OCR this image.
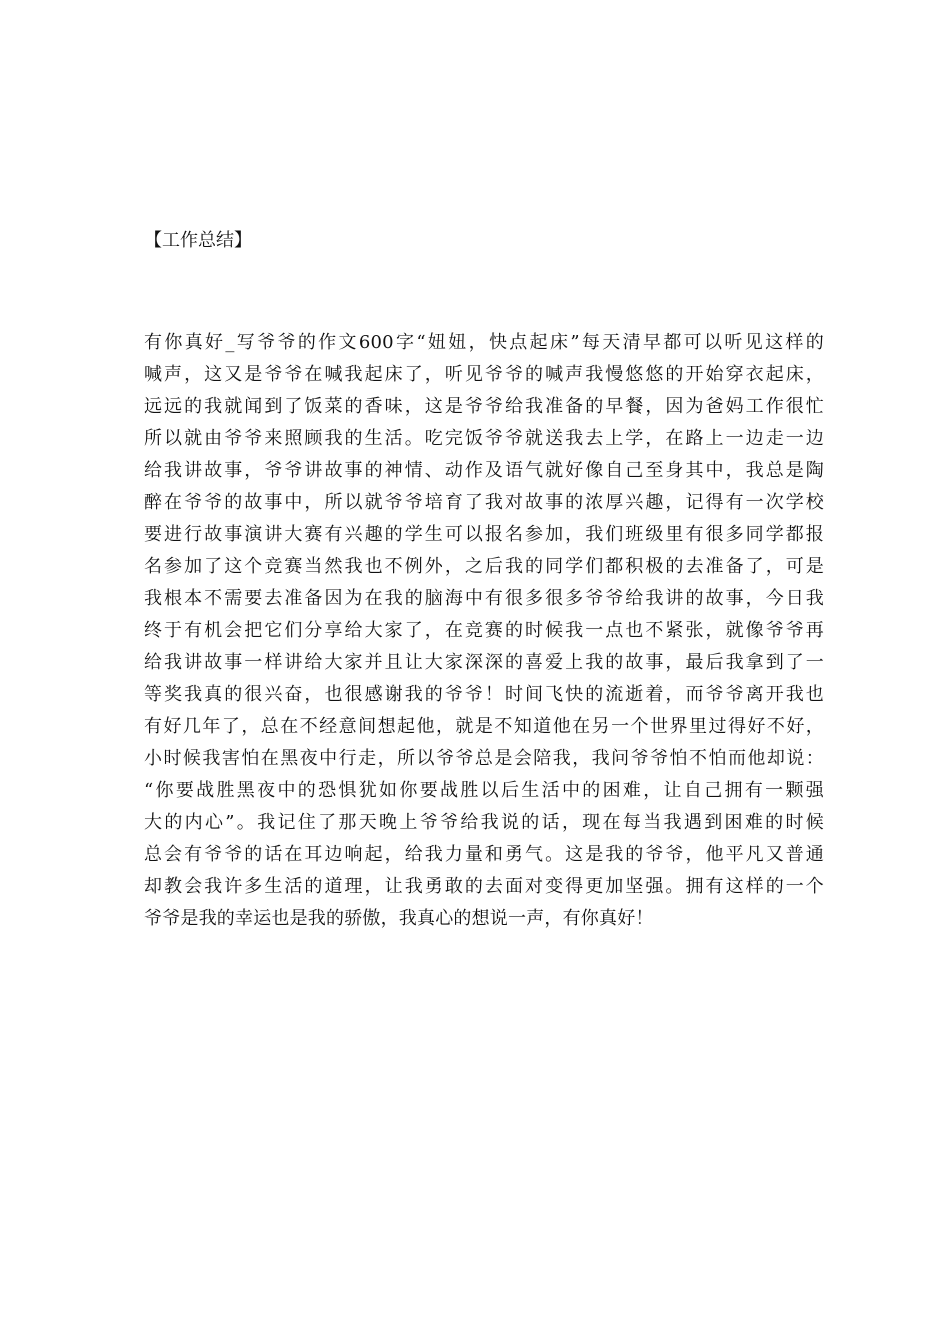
【工作总结】
有你真好_写爷爷的作文600字“妞妞，快点起床”每天清早都可以听见这样的
喊声，这又是爷爷在喊我起床了，听见爷爷的喊声我慢悠悠的开始穿衣起床，
远远的我就闻到了饭菜的香味，这是爷爷给我准备的早餐，因为爸妈工作很忙
所以就由爷爷来照顾我的生活。吃完饭爷爷就送我去上学，在路上一边走一边
给我讲故事，爷爷讲故事的神情、动作及语气就好像自己至身其中，我总是陶
醉在爷爷的故事中，所以就爷爷培育了我对故事的浓厚兴趣，记得有一次学校
要进行故事演讲大赛有兴趣的学生可以报名参加，我们班级里有很多同学都报
名参加了这个竞赛当然我也不例外，之后我的同学们都积极的去准备了，可是
我根本不需要去准备因为在我的脑海中有很多很多爷爷给我讲的故事，今日我
终于有机会把它们分享给大家了，在竞赛的时候我一点也不紧张，就像爷爷再
给我讲故事一样讲给大家并且让大家深深的喜爱上我的故事，最后我拿到了一
等奖我真的很兴奋，也很感谢我的爷爷！时间飞快的流逝着，而爷爷离开我也
有好几年了，总在不经意间想起他，就是不知道他在另一个世界里过得好不好，
小时候我害怕在黑夜中行走，所以爷爷总是会陪我，我问爷爷怕不怕而他却说：
“你要战胜黑夜中的恐惧犹如你要战胜以后生活中的困难，让自己拥有一颗强
大的内心”。我记住了那天晚上爷爷给我说的话，现在每当我遇到困难的时候
总会有爷爷的话在耳边响起，给我力量和勇气。这是我的爷爷，他平凡又普通
却教会我许多生活的道理，让我勇敢的去面对变得更加坚强。拥有这样的一个
爷爷是我的幸运也是我的骄傲，我真心的想说一声，有你真好！
